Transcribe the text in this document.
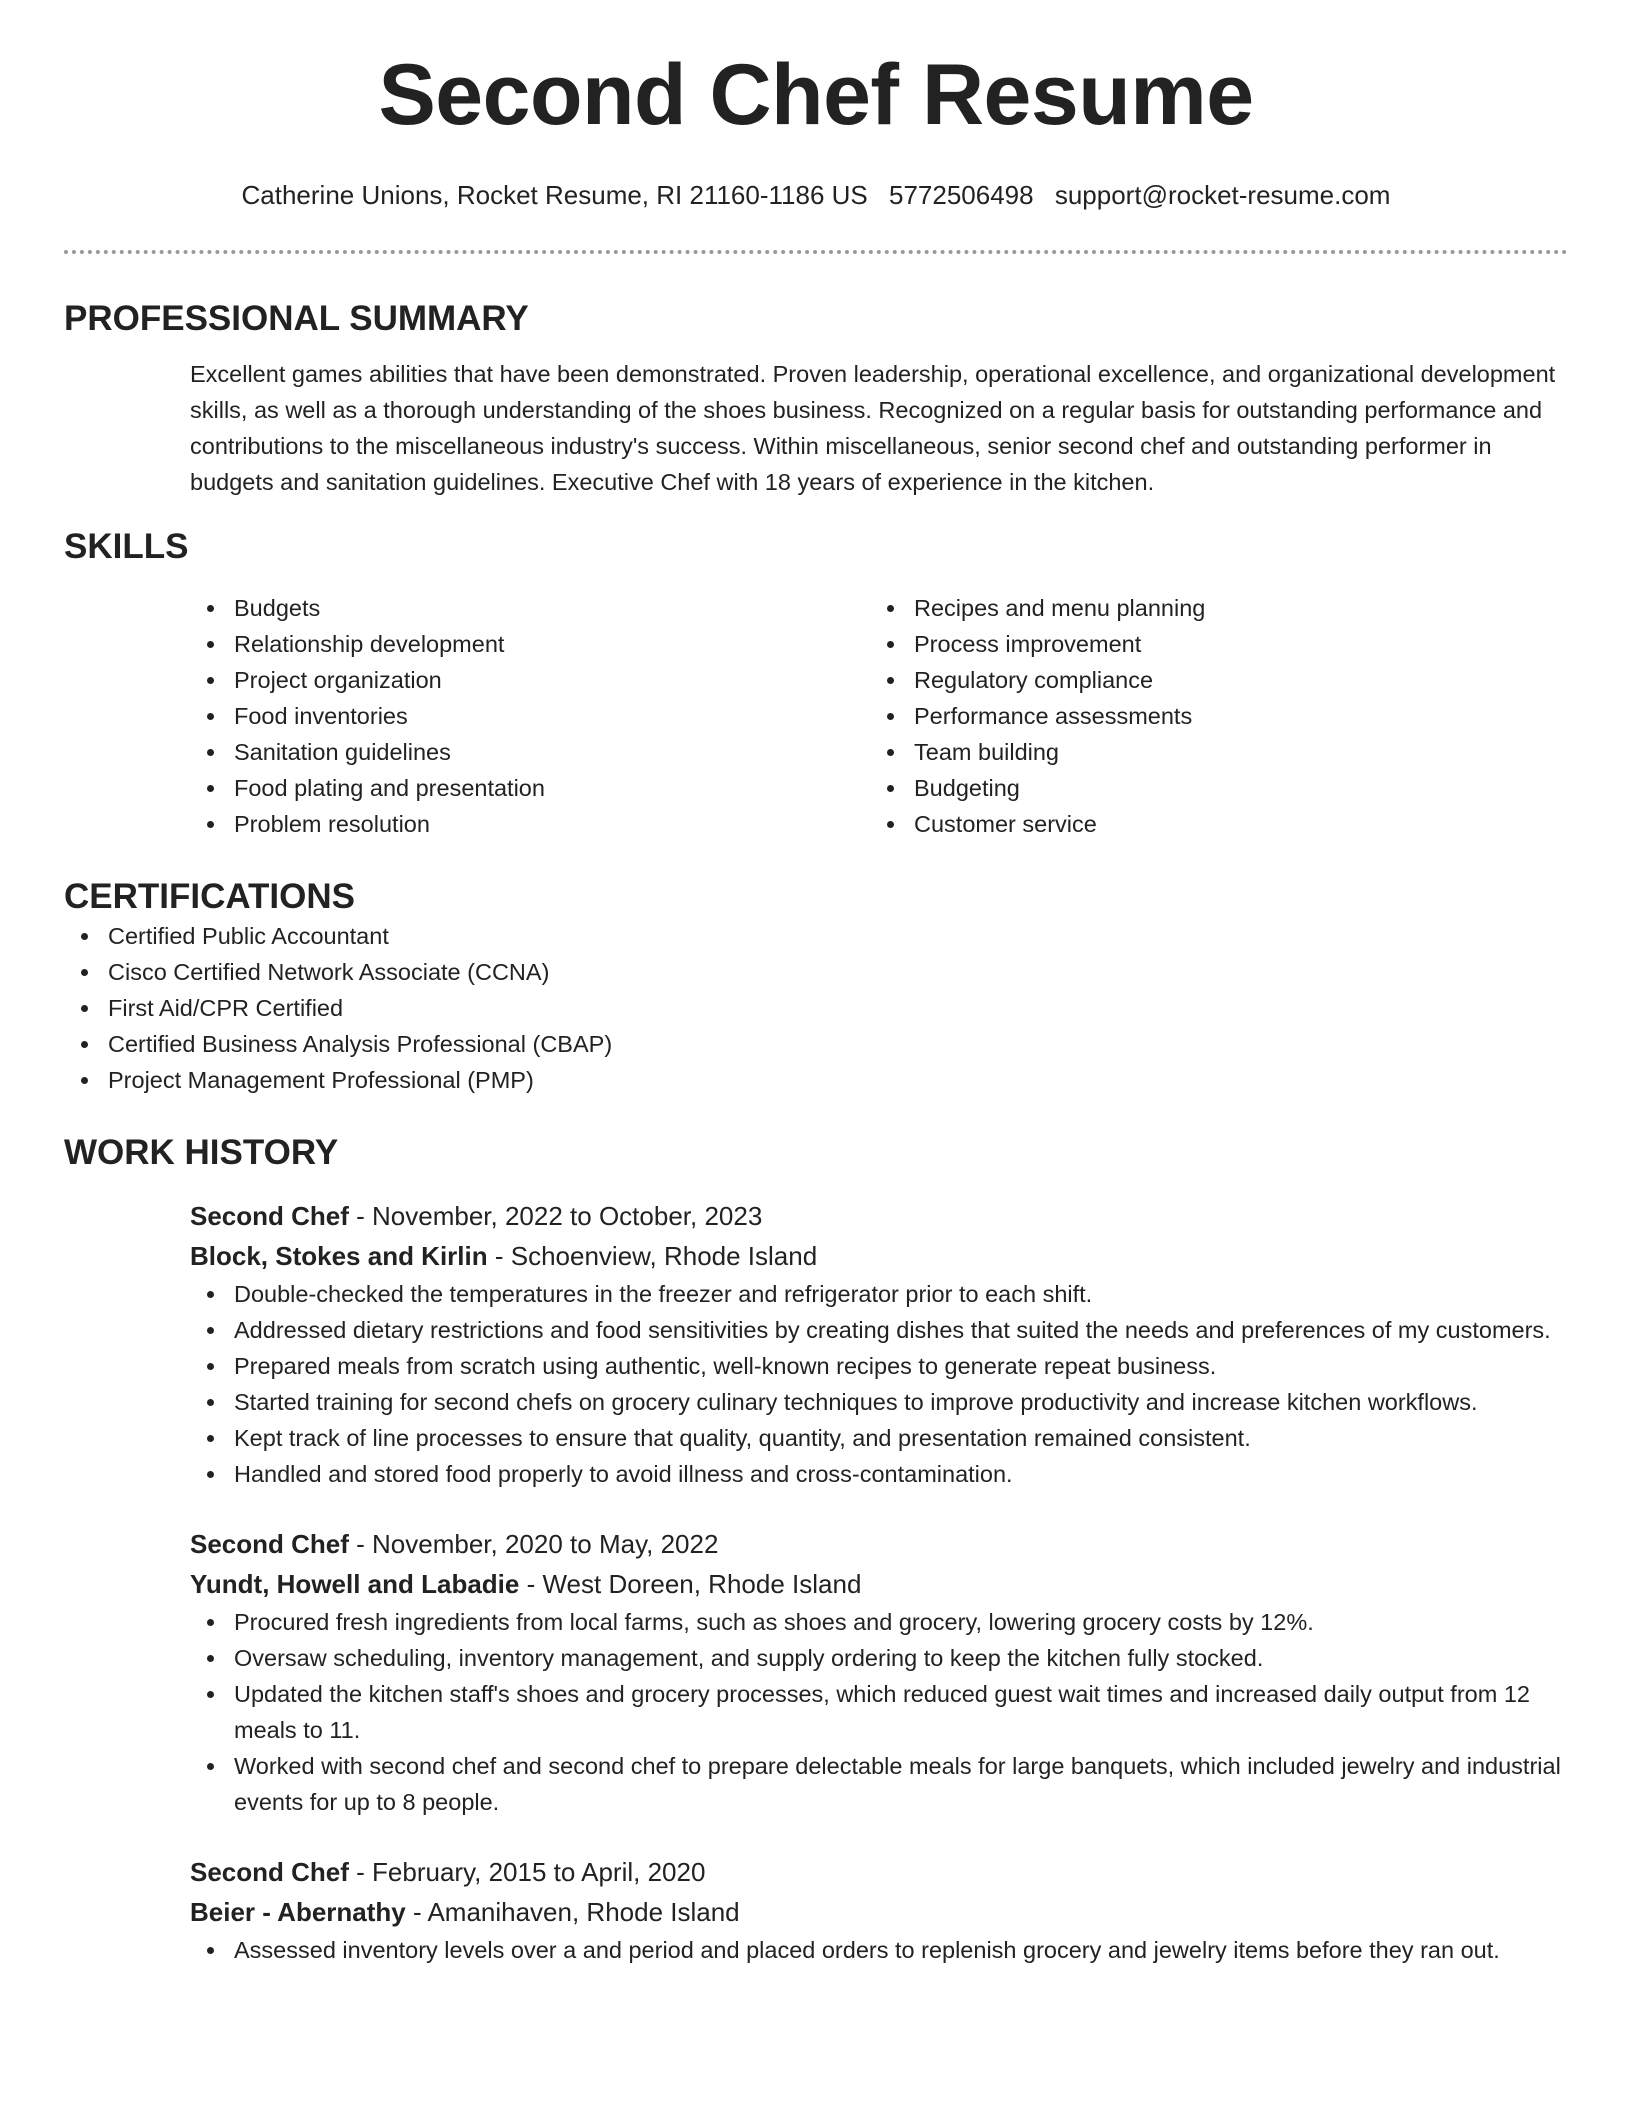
Second Chef Resume
Catherine Unions, Rocket Resume, RI 21160-1186 US 5772506498 support@rocket-resume.com
PROFESSIONAL SUMMARY

Excellent games abilities that have been demonstrated. Proven leadership, operational excellence, and organizational development skills, as well as a thorough understanding of the shoes business. Recognized on a regular basis for outstanding performance and contributions to the miscellaneous industry's success. Within miscellaneous, senior second chef and outstanding performer in budgets and sanitation guidelines. Executive Chef with 18 years of experience in the kitchen.

SKILLS
Budgets
Relationship development
Project organization
Food inventories
Sanitation guidelines
Food plating and presentation
Problem resolution
Recipes and menu planning
Process improvement
Regulatory compliance
Performance assessments
Team building
Budgeting
Customer service
CERTIFICATIONS
Certified Public Accountant
Cisco Certified Network Associate (CCNA)
First Aid/CPR Certified
Certified Business Analysis Professional (CBAP)
Project Management Professional (PMP)
WORK HISTORY
Second Chef - November, 2022 to October, 2023
Block, Stokes and Kirlin - Schoenview, Rhode Island
Double-checked the temperatures in the freezer and refrigerator prior to each shift.
Addressed dietary restrictions and food sensitivities by creating dishes that suited the needs and preferences of my customers.
Prepared meals from scratch using authentic, well-known recipes to generate repeat business.
Started training for second chefs on grocery culinary techniques to improve productivity and increase kitchen workflows.
Kept track of line processes to ensure that quality, quantity, and presentation remained consistent.
Handled and stored food properly to avoid illness and cross-contamination.
Second Chef - November, 2020 to May, 2022
Yundt, Howell and Labadie - West Doreen, Rhode Island
Procured fresh ingredients from local farms, such as shoes and grocery, lowering grocery costs by 12%.
Oversaw scheduling, inventory management, and supply ordering to keep the kitchen fully stocked.
Updated the kitchen staff's shoes and grocery processes, which reduced guest wait times and increased daily output from 12 meals to 11.
Worked with second chef and second chef to prepare delectable meals for large banquets, which included jewelry and industrial events for up to 8 people.
Second Chef - February, 2015 to April, 2020
Beier - Abernathy - Amanihaven, Rhode Island
Assessed inventory levels over a and period and placed orders to replenish grocery and jewelry items before they ran out.
